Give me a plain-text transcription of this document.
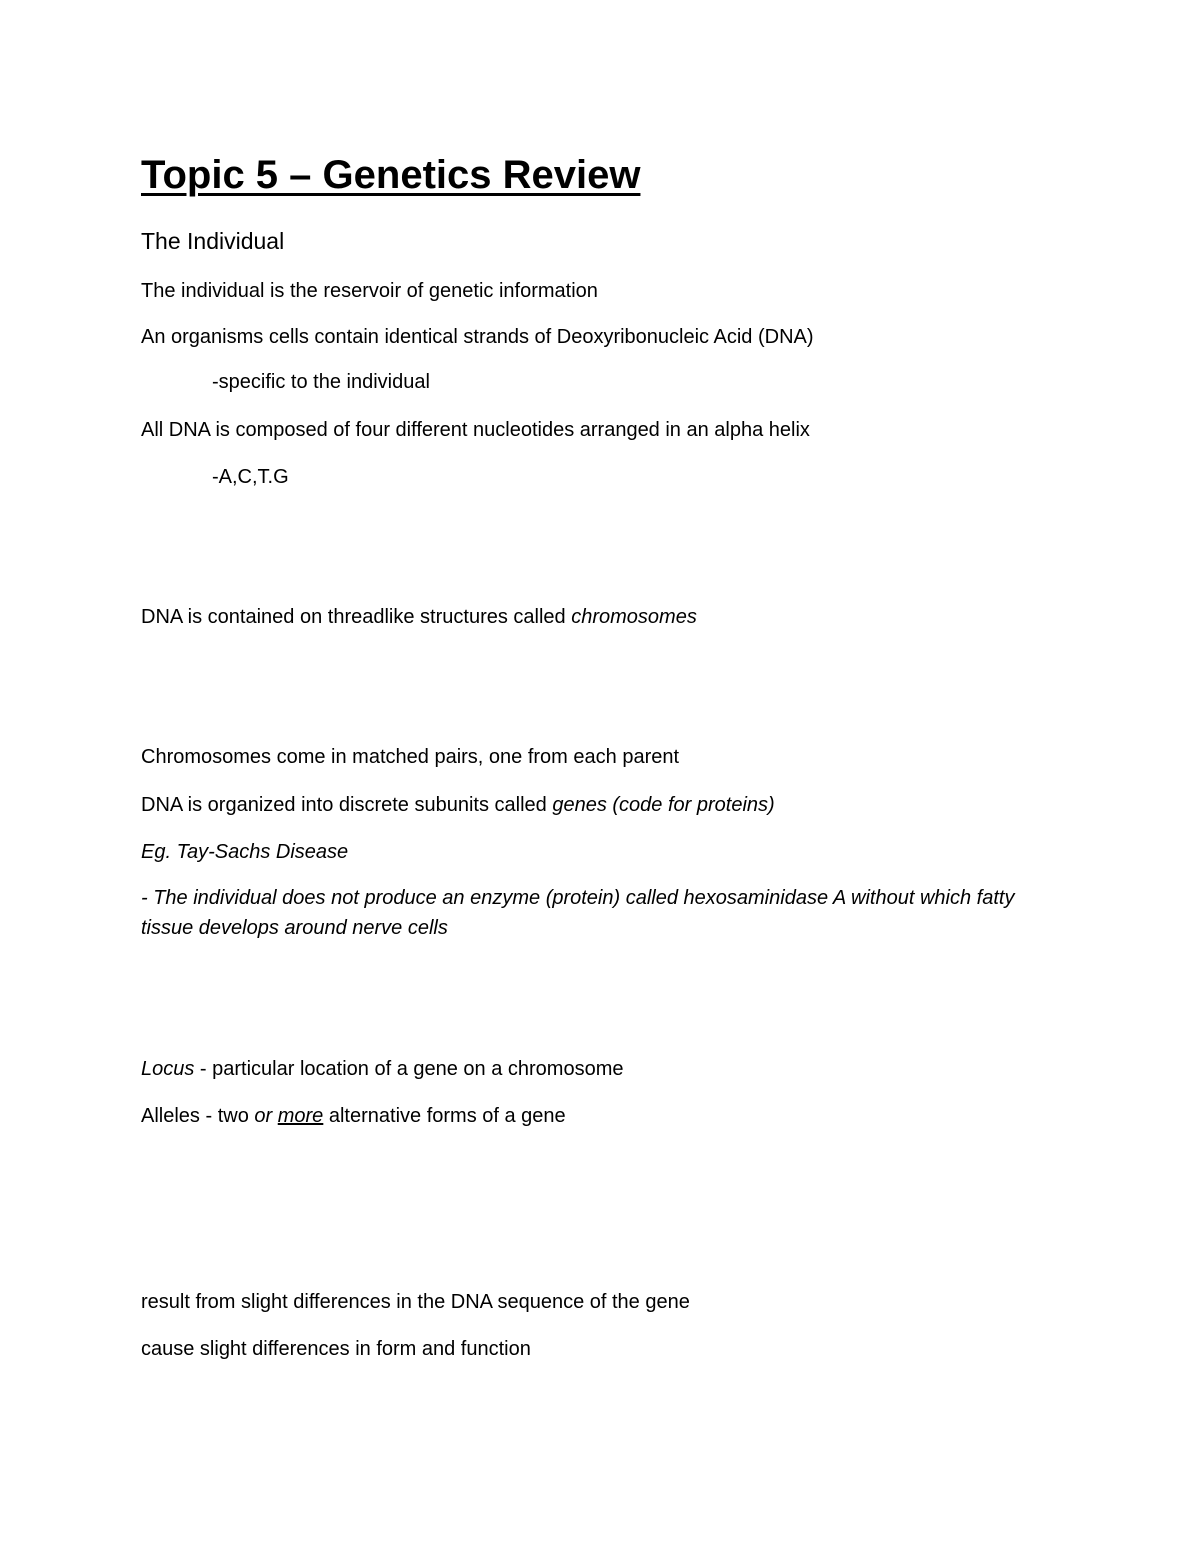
Topic 5 – Genetics Review
The Individual
The individual is the reservoir of genetic information
An organisms cells contain identical strands of Deoxyribonucleic Acid (DNA)
-specific to the individual
All DNA is composed of four different nucleotides arranged in an alpha helix
-A,C,T.G
DNA is contained on threadlike structures called chromosomes
Chromosomes come in matched pairs, one from each parent
DNA is organized into discrete subunits called genes (code for proteins)
Eg. Tay-Sachs Disease
- The individual does not produce an enzyme (protein) called hexosaminidase A without which fatty tissue develops around nerve cells
Locus - particular location of a gene on a chromosome
Alleles - two or more alternative forms of a gene
result from slight differences in the DNA sequence of the gene
cause slight differences in form and function
